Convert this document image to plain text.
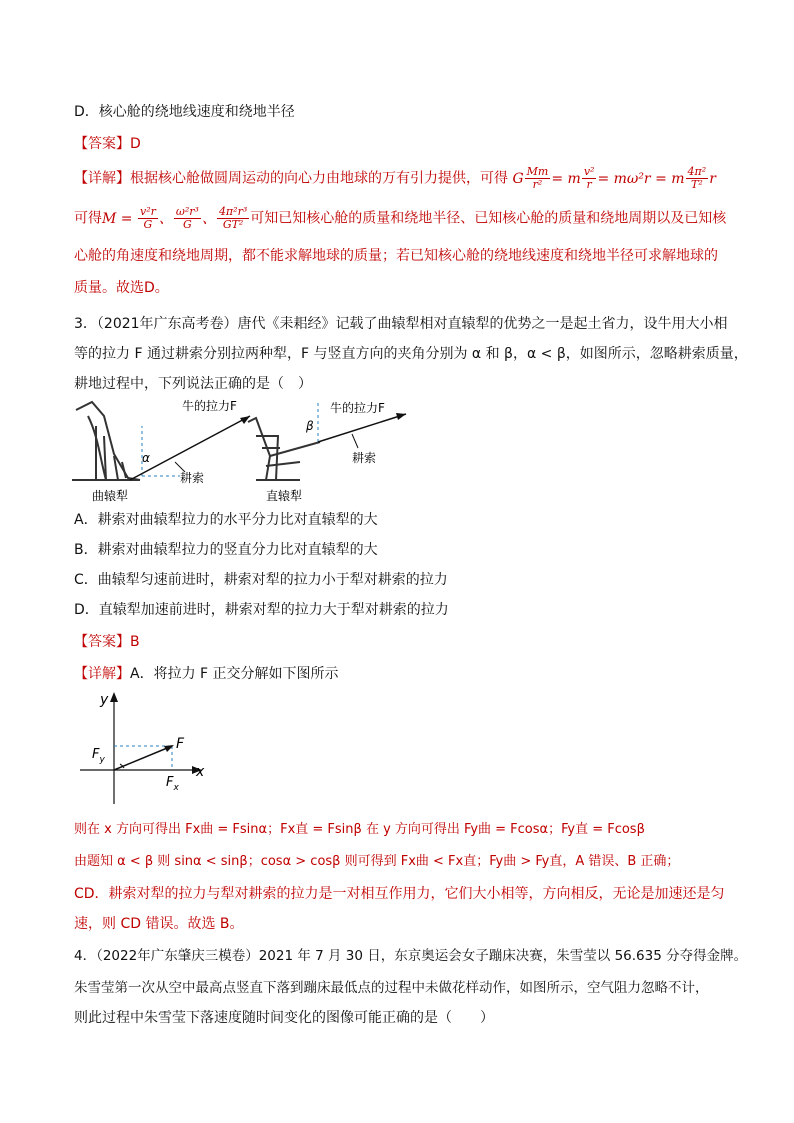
D．核心舱的绕地线速度和绕地半径
【答案】D
【详解】根据核心舱做圆周运动的向心力由地球的万有引力提供，可得 G $\frac{Mm}{\text{r²}} = m \frac{\text{v²}}{r} = m\omega^2r = m \frac{\text{4π²}}{\text{T²}}$ r
可得$M = \frac{\text{v²r}}{G}$ 、 $\frac{\text{ω²r³}}{G}$ 、 $\frac{\text{4π²r³}}{\text{GT²}}$ 可知已知核心舱的质量和绕地半径、已知核心舱的质量和绕地周期以及已知核
心舱的角速度和绕地周期，都不能求解地球的质量；若已知核心舱的绕地线速度和绕地半径可求解地球的
质量。故选D。
3．（2021年广东高考卷）唐代《耒耜经》记载了曲辕犁相对直辕犁的优势之一是起土省力，设牛用大小相
等的拉力 F 通过耕索分别拉两种犁，F 与竖直方向的夹角分别为 α 和 β，α < β，如图所示，忽略耕索质量，
耕地过程中，下列说法正确的是（　）
牛的拉力F
α
耕索
曲辕犁
牛的拉力F
β
耕索
直辕犁
A．耕索对曲辕犁拉力的水平分力比对直辕犁的大
B．耕索对曲辕犁拉力的竖直分力比对直辕犁的大
C．曲辕犁匀速前进时，耕索对犁的拉力小于犁对耕索的拉力
D．直辕犁加速前进时，耕索对犁的拉力大于犁对耕索的拉力
【答案】B
【详解】A．将拉力 F 正交分解如下图所示
y
x
F
$F_y$
$F_x$
则在 x 方向可得出 Fx曲 = Fsinα；Fx直 = Fsinβ 在 y 方向可得出 Fy曲 = Fcosα；Fy直 = Fcosβ
由题知 α < β 则 sinα < sinβ；cosα > cosβ 则可得到 Fx曲 < Fx直；Fy曲 > Fy直，A 错误、B 正确；
CD．耕索对犁的拉力与犁对耕索的拉力是一对相互作用力，它们大小相等，方向相反，无论是加速还是匀
速，则 CD 错误。故选 B。
4．（2022年广东肇庆三模卷）2021 年 7 月 30 日，东京奥运会女子蹦床决赛，朱雪莹以 56.635 分夺得金牌。
朱雪莹第一次从空中最高点竖直下落到蹦床最低点的过程中未做花样动作，如图所示，空气阻力忽略不计，
则此过程中朱雪莹下落速度随时间变化的图像可能正确的是（　　）
